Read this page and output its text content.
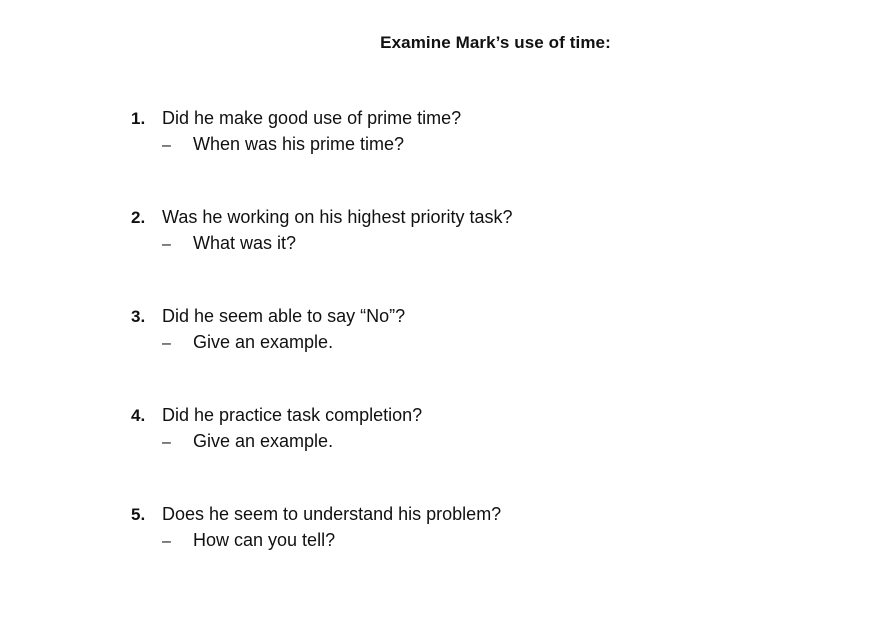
Examine Mark’s use of time:
1. Did he make good use of prime time?
–	When was his prime time?
2. Was he working on his highest priority task?
–	What was it?
3. Did he seem able to say “No”?
–	Give an example.
4. Did he practice task completion?
–	Give an example.
5. Does he seem to understand his problem?
–	How can you tell?
